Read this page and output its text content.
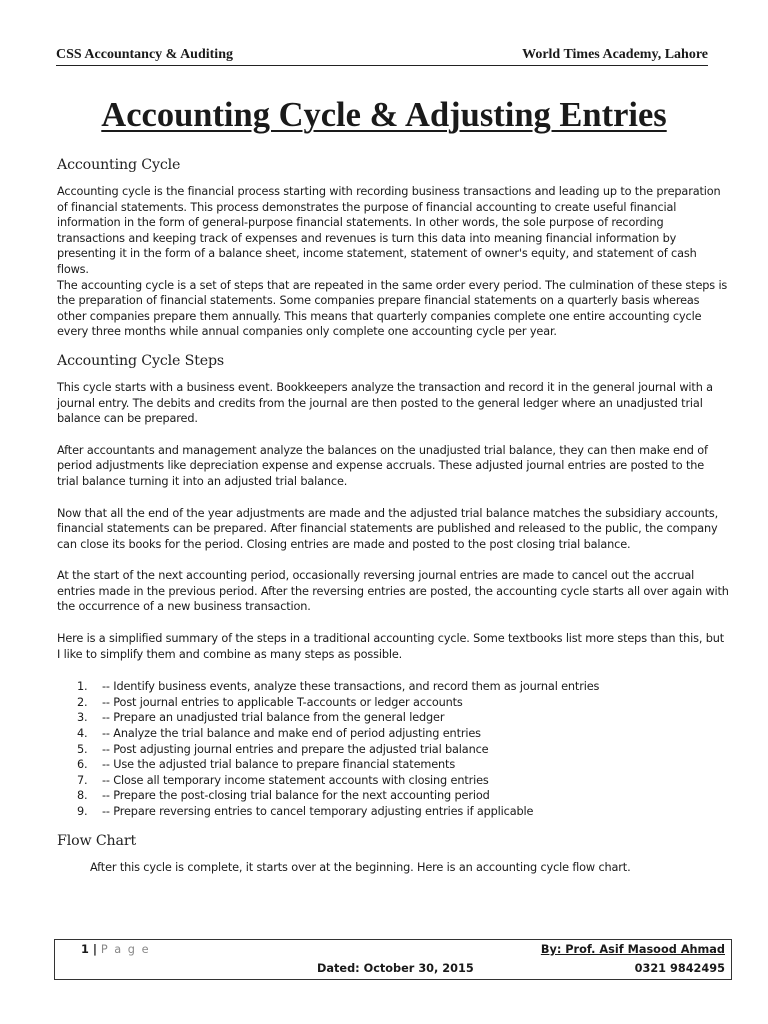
CSS Accountancy & Auditing	World Times Academy, Lahore
Accounting Cycle & Adjusting Entries
Accounting Cycle

Accounting cycle is the financial process starting with recording business transactions and leading up to the preparation of financial statements. This process demonstrates the purpose of financial accounting to create useful financial information in the form of general-purpose financial statements. In other words, the sole purpose of recording transactions and keeping track of expenses and revenues is turn this data into meaning financial information by presenting it in the form of a balance sheet, income statement, statement of owner's equity, and statement of cash flows.

The accounting cycle is a set of steps that are repeated in the same order every period. The culmination of these steps is the preparation of financial statements. Some companies prepare financial statements on a quarterly basis whereas other companies prepare them annually. This means that quarterly companies complete one entire accounting cycle every three months while annual companies only complete one accounting cycle per year.

Accounting Cycle Steps

This cycle starts with a business event. Bookkeepers analyze the transaction and record it in the general journal with a journal entry. The debits and credits from the journal are then posted to the general ledger where an unadjusted trial balance can be prepared.

After accountants and management analyze the balances on the unadjusted trial balance, they can then make end of period adjustments like depreciation expense and expense accruals. These adjusted journal entries are posted to the trial balance turning it into an adjusted trial balance.

Now that all the end of the year adjustments are made and the adjusted trial balance matches the subsidiary accounts, financial statements can be prepared. After financial statements are published and released to the public, the company can close its books for the period. Closing entries are made and posted to the post closing trial balance.

At the start of the next accounting period, occasionally reversing journal entries are made to cancel out the accrual entries made in the previous period. After the reversing entries are posted, the accounting cycle starts all over again with the occurrence of a new business transaction.

Here is a simplified summary of the steps in a traditional accounting cycle. Some textbooks list more steps than this, but I like to simplify them and combine as many steps as possible.

1. -- Identify business events, analyze these transactions, and record them as journal entries
2. -- Post journal entries to applicable T-accounts or ledger accounts
3. -- Prepare an unadjusted trial balance from the general ledger
4. -- Analyze the trial balance and make end of period adjusting entries
5. -- Post adjusting journal entries and prepare the adjusted trial balance
6. -- Use the adjusted trial balance to prepare financial statements
7. -- Close all temporary income statement accounts with closing entries
8. -- Prepare the post-closing trial balance for the next accounting period
9. -- Prepare reversing entries to cancel temporary adjusting entries if applicable
Flow Chart

After this cycle is complete, it starts over at the beginning. Here is an accounting cycle flow chart.

1 | P a g e	By: Prof. Asif Masood Ahmad
Dated: October 30, 2015	0321 9842495
